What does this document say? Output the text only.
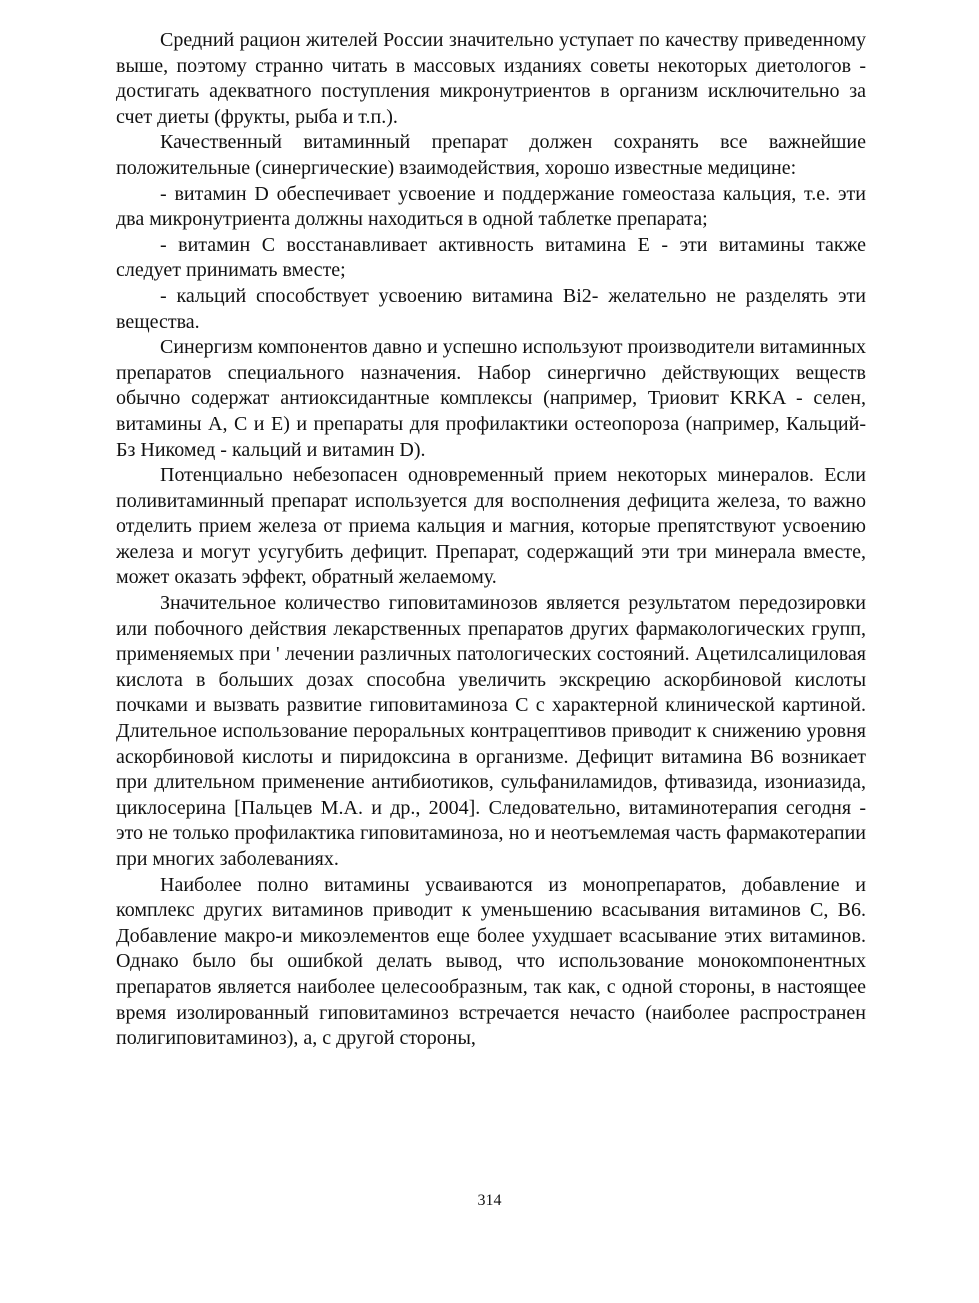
Средний рацион жителей России значительно уступает по качеству приведенному выше, поэтому странно читать в массовых изданиях советы некоторых диетологов - достигать адекватного поступления микронутриентов в организм исключительно за счет диеты (фрукты, рыба и т.п.).

Качественный витаминный препарат должен сохранять все важнейшие положительные (синергические) взаимодействия, хорошо известные медицине:

- витамин D обеспечивает усвоение и поддержание гомеостаза кальция, т.е. эти два микронутриента должны находиться в одной таблетке препарата;

- витамин С восстанавливает активность витамина Е - эти витамины также следует принимать вместе;

- кальций способствует усвоению витамина Bi2- желательно не разделять эти вещества.

Синергизм компонентов давно и успешно используют производители витаминных препаратов специального назначения. Набор синергично действующих веществ обычно содержат антиоксидантные комплексы (например, Триовит KRKA - селен, витамины А, С и Е) и препараты для профилактики остеопороза (например, Кальций-Бз Никомед - кальций и витамин D).

Потенциально небезопасен одновременный прием некоторых минералов. Если поливитаминный препарат используется для восполнения дефицита железа, то важно отделить прием железа от приема кальция и магния, которые препятствуют усвоению железа и могут усугубить дефицит. Препарат, содержащий эти три минерала вместе, может оказать эффект, обратный желаемому.

Значительное количество гиповитаминозов является результатом передозировки или побочного действия лекарственных препаратов других фармакологических групп, применяемых при ' лечении различных патологических состояний. Ацетилсалициловая кислота в больших дозах способна увеличить экскрецию аскорбиновой кислоты почками и вызвать развитие гиповитаминоза С с характерной клинической картиной. Длительное использование пероральных контрацептивов приводит к снижению уровня аскорбиновой кислоты и пиридоксина в организме. Дефицит витамина В6 возникает при длительном применение антибиотиков, сульфаниламидов, фтивазида, изониазида, циклосерина [Пальцев М.А. и др., 2004]. Следовательно, витаминотерапия сегодня - это не только профилактика гиповитаминоза, но и неотъемлемая часть фармакотерапии при многих заболеваниях.

Наиболее полно витамины усваиваются из монопрепаратов, добавление и комплекс других витаминов приводит к уменьшению всасывания витаминов С, В6. Добавление макро-и микоэлементов еще более ухудшает всасывание этих витаминов. Однако было бы ошибкой делать вывод, что использование монокомпонентных препаратов является наиболее целесообразным, так как, с одной стороны, в настоящее время изолированный гиповитаминоз встречается нечасто (наиболее распространен полигиповитаминоз), а, с другой стороны,

314
